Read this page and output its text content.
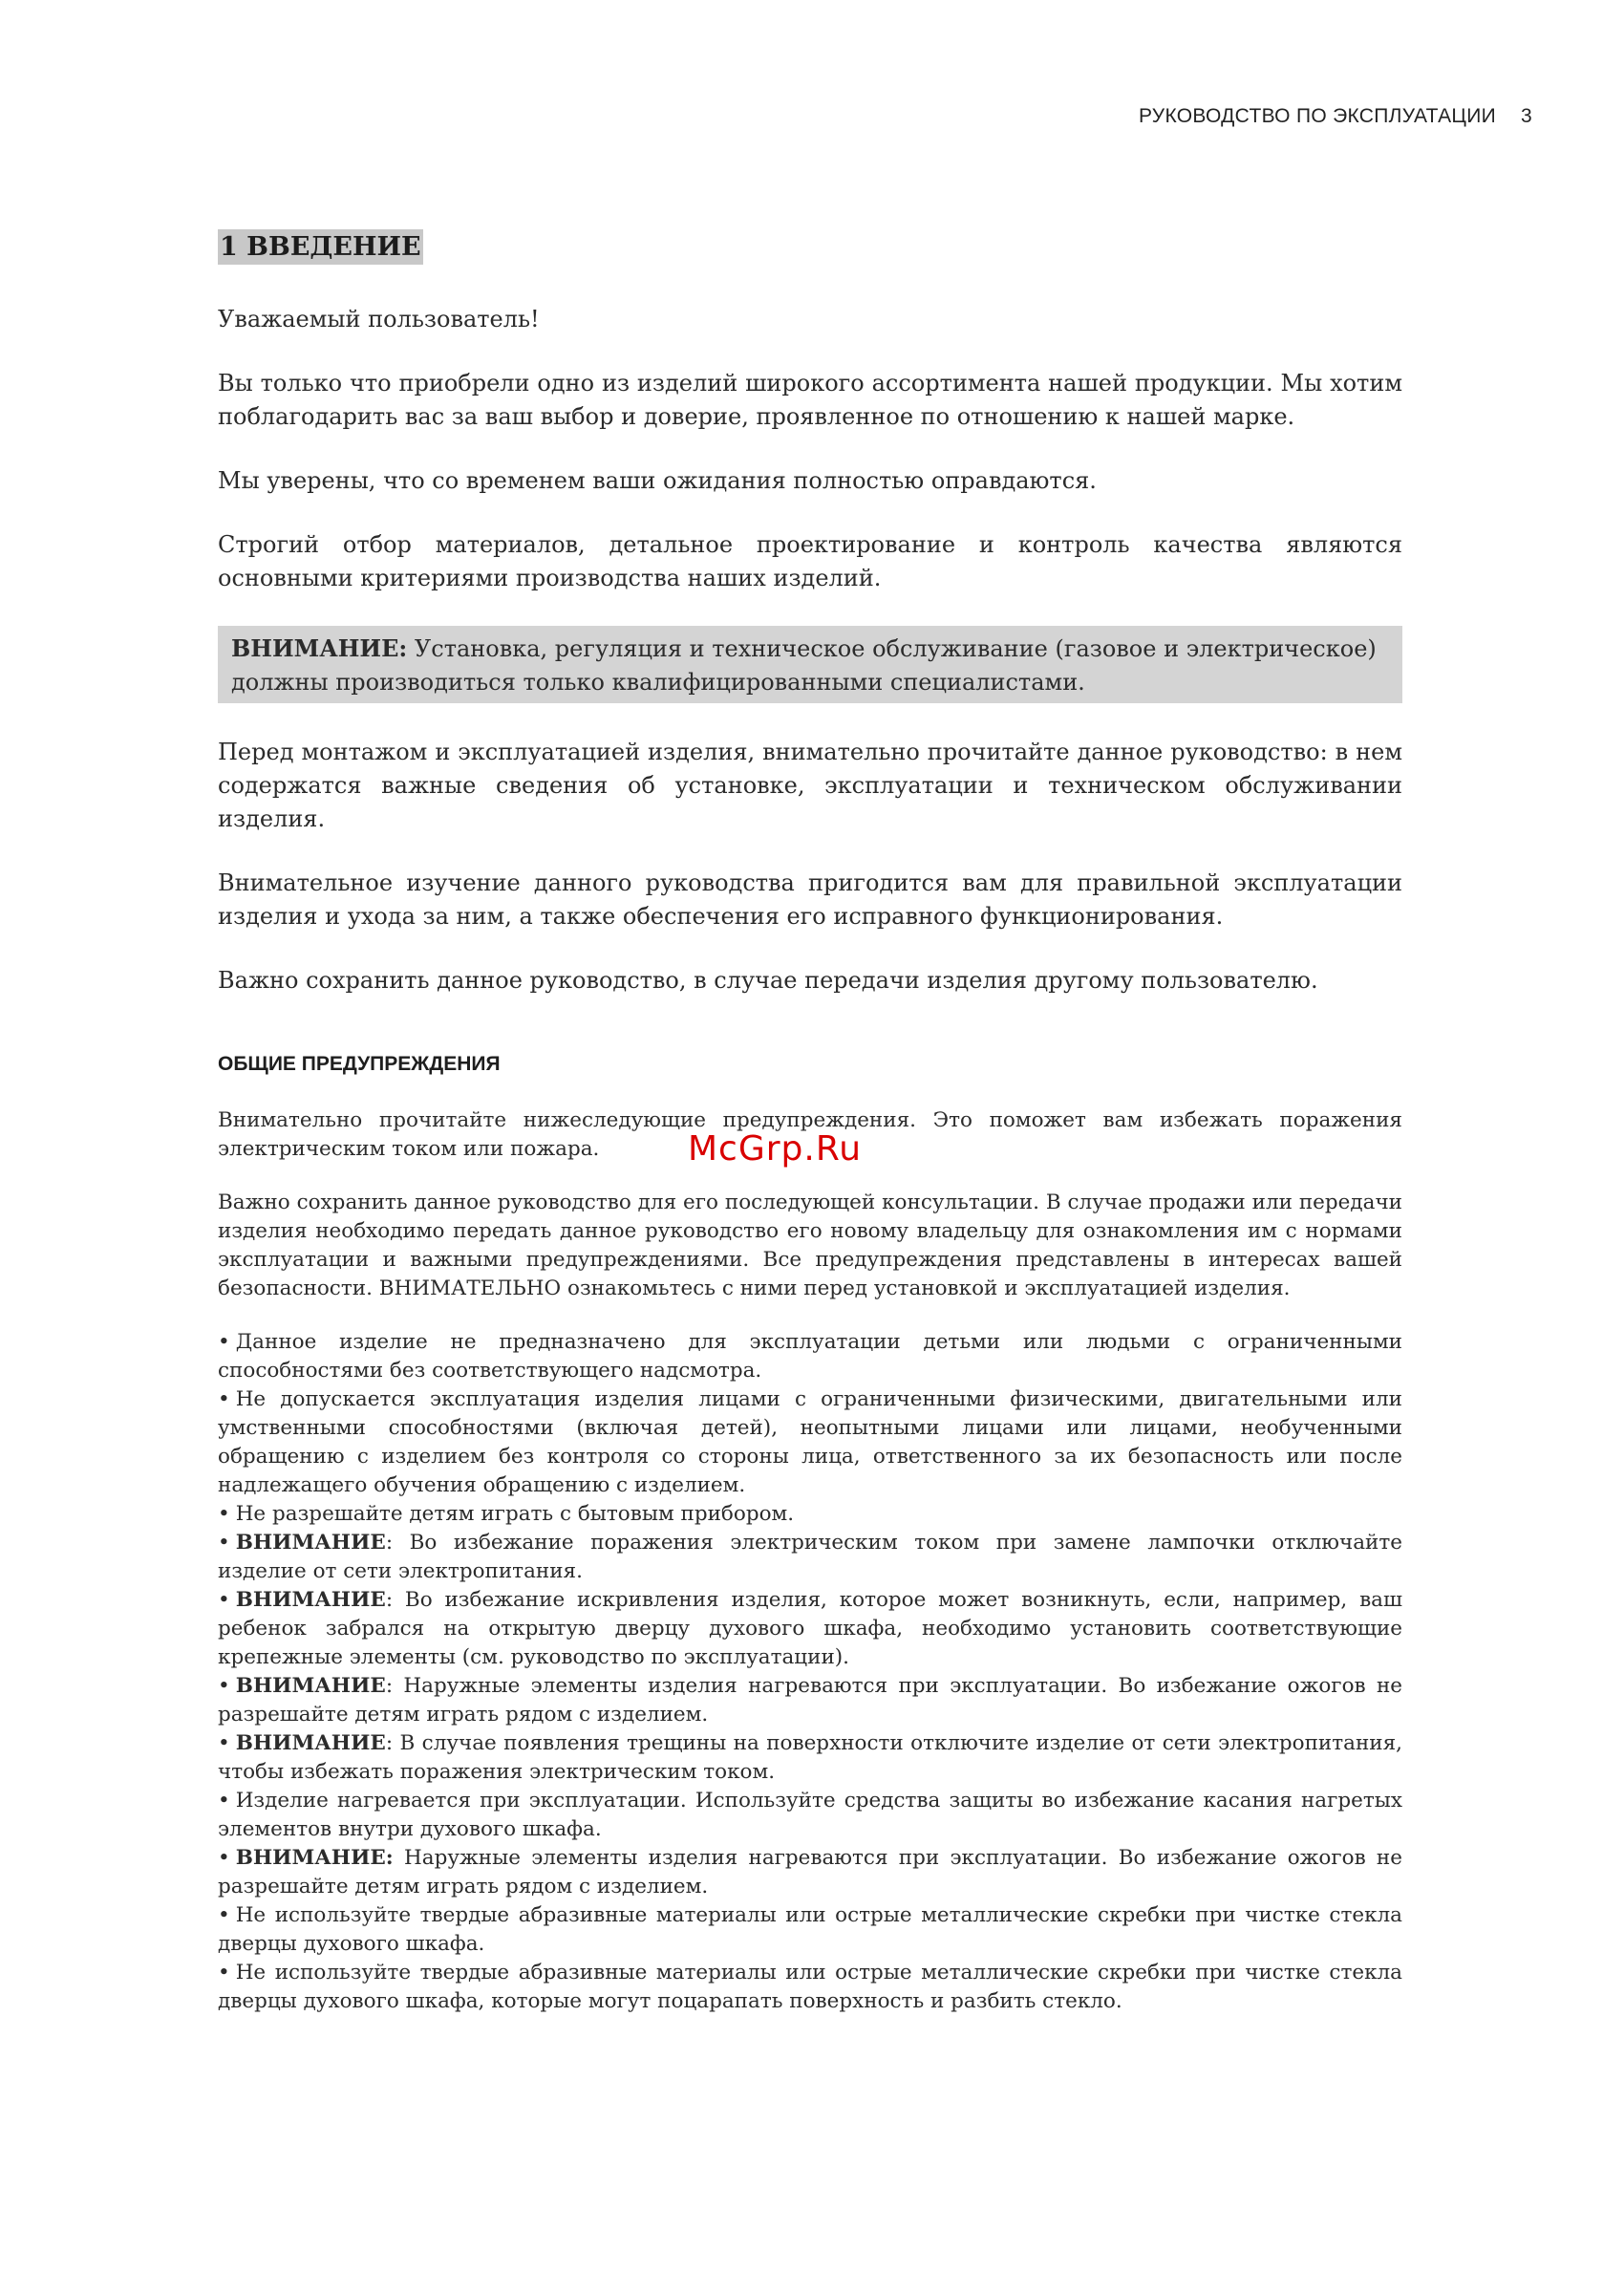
РУКОВОДСТВО ПО ЭКСПЛУАТАЦИИ 3
1 ВВЕДЕНИЕ

Уважаемый пользователь!

Вы только что приобрели одно из изделий широкого ассортимента нашей продукции. Мы хотим поблагодарить вас за ваш выбор и доверие, проявленное по отношению к нашей марке.

Мы уверены, что со временем ваши ожидания полностью оправдаются.

Строгий отбор материалов, детальное проектирование и контроль качества являются основными критериями производства наших изделий.

ВНИМАНИЕ: Установка, регуляция и техническое обслуживание (газовое и электрическое) должны производиться только квалифицированными специалистами.

Перед монтажом и эксплуатацией изделия, внимательно прочитайте данное руководство: в нем содержатся важные сведения об установке, эксплуатации и техническом обслуживании изделия.

Внимательное изучение данного руководства пригодится вам для правильной эксплуатации изделия и ухода за ним, а также обеспечения его исправного функционирования.

Важно сохранить данное руководство, в случае передачи изделия другому пользователю.

ОБЩИЕ ПРЕДУПРЕЖДЕНИЯ

Внимательно прочитайте нижеследующие предупреждения. Это поможет вам избежать поражения электрическим током или пожара.

Важно сохранить данное руководство для его последующей консультации. В случае продажи или передачи изделия необходимо передать данное руководство его новому владельцу для ознакомления им с нормами эксплуатации и важными предупреждениями. Все предупреждения представлены в интересах вашей безопасности. ВНИМАТЕЛЬНО ознакомьтесь с ними перед установкой и эксплуатацией изделия.

• Данное изделие не предназначено для эксплуатации детьми или людьми с ограниченными способностями без соответствующего надсмотра.
• Не допускается эксплуатация изделия лицами с ограниченными физическими, двигательными или умственными способностями (включая детей), неопытными лицами или лицами, необученными обращению с изделием без контроля со стороны лица, ответственного за их безопасность или после надлежащего обучения обращению с изделием.
• Не разрешайте детям играть с бытовым прибором.
• ВНИМАНИЕ: Во избежание поражения электрическим током при замене лампочки отключайте изделие от сети электропитания.
• ВНИМАНИЕ: Во избежание искривления изделия, которое может возникнуть, если, например, ваш ребенок забрался на открытую дверцу духового шкафа, необходимо установить соответствующие крепежные элементы (см. руководство по эксплуатации).
• ВНИМАНИЕ: Наружные элементы изделия нагреваются при эксплуатации. Во избежание ожогов не разрешайте детям играть рядом с изделием.
• ВНИМАНИЕ: В случае появления трещины на поверхности отключите изделие от сети электропитания, чтобы избежать поражения электрическим током.
• Изделие нагревается при эксплуатации. Используйте средства защиты во избежание касания нагретых элементов внутри духового шкафа.
• ВНИМАНИЕ: Наружные элементы изделия нагреваются при эксплуатации. Во избежание ожогов не разрешайте детям играть рядом с изделием.
• Не используйте твердые абразивные материалы или острые металлические скребки при чистке стекла дверцы духового шкафа.
• Не используйте твердые абразивные материалы или острые металлические скребки при чистке стекла дверцы духового шкафа, которые могут поцарапать поверхность и разбить стекло.
McGrp.Ru
